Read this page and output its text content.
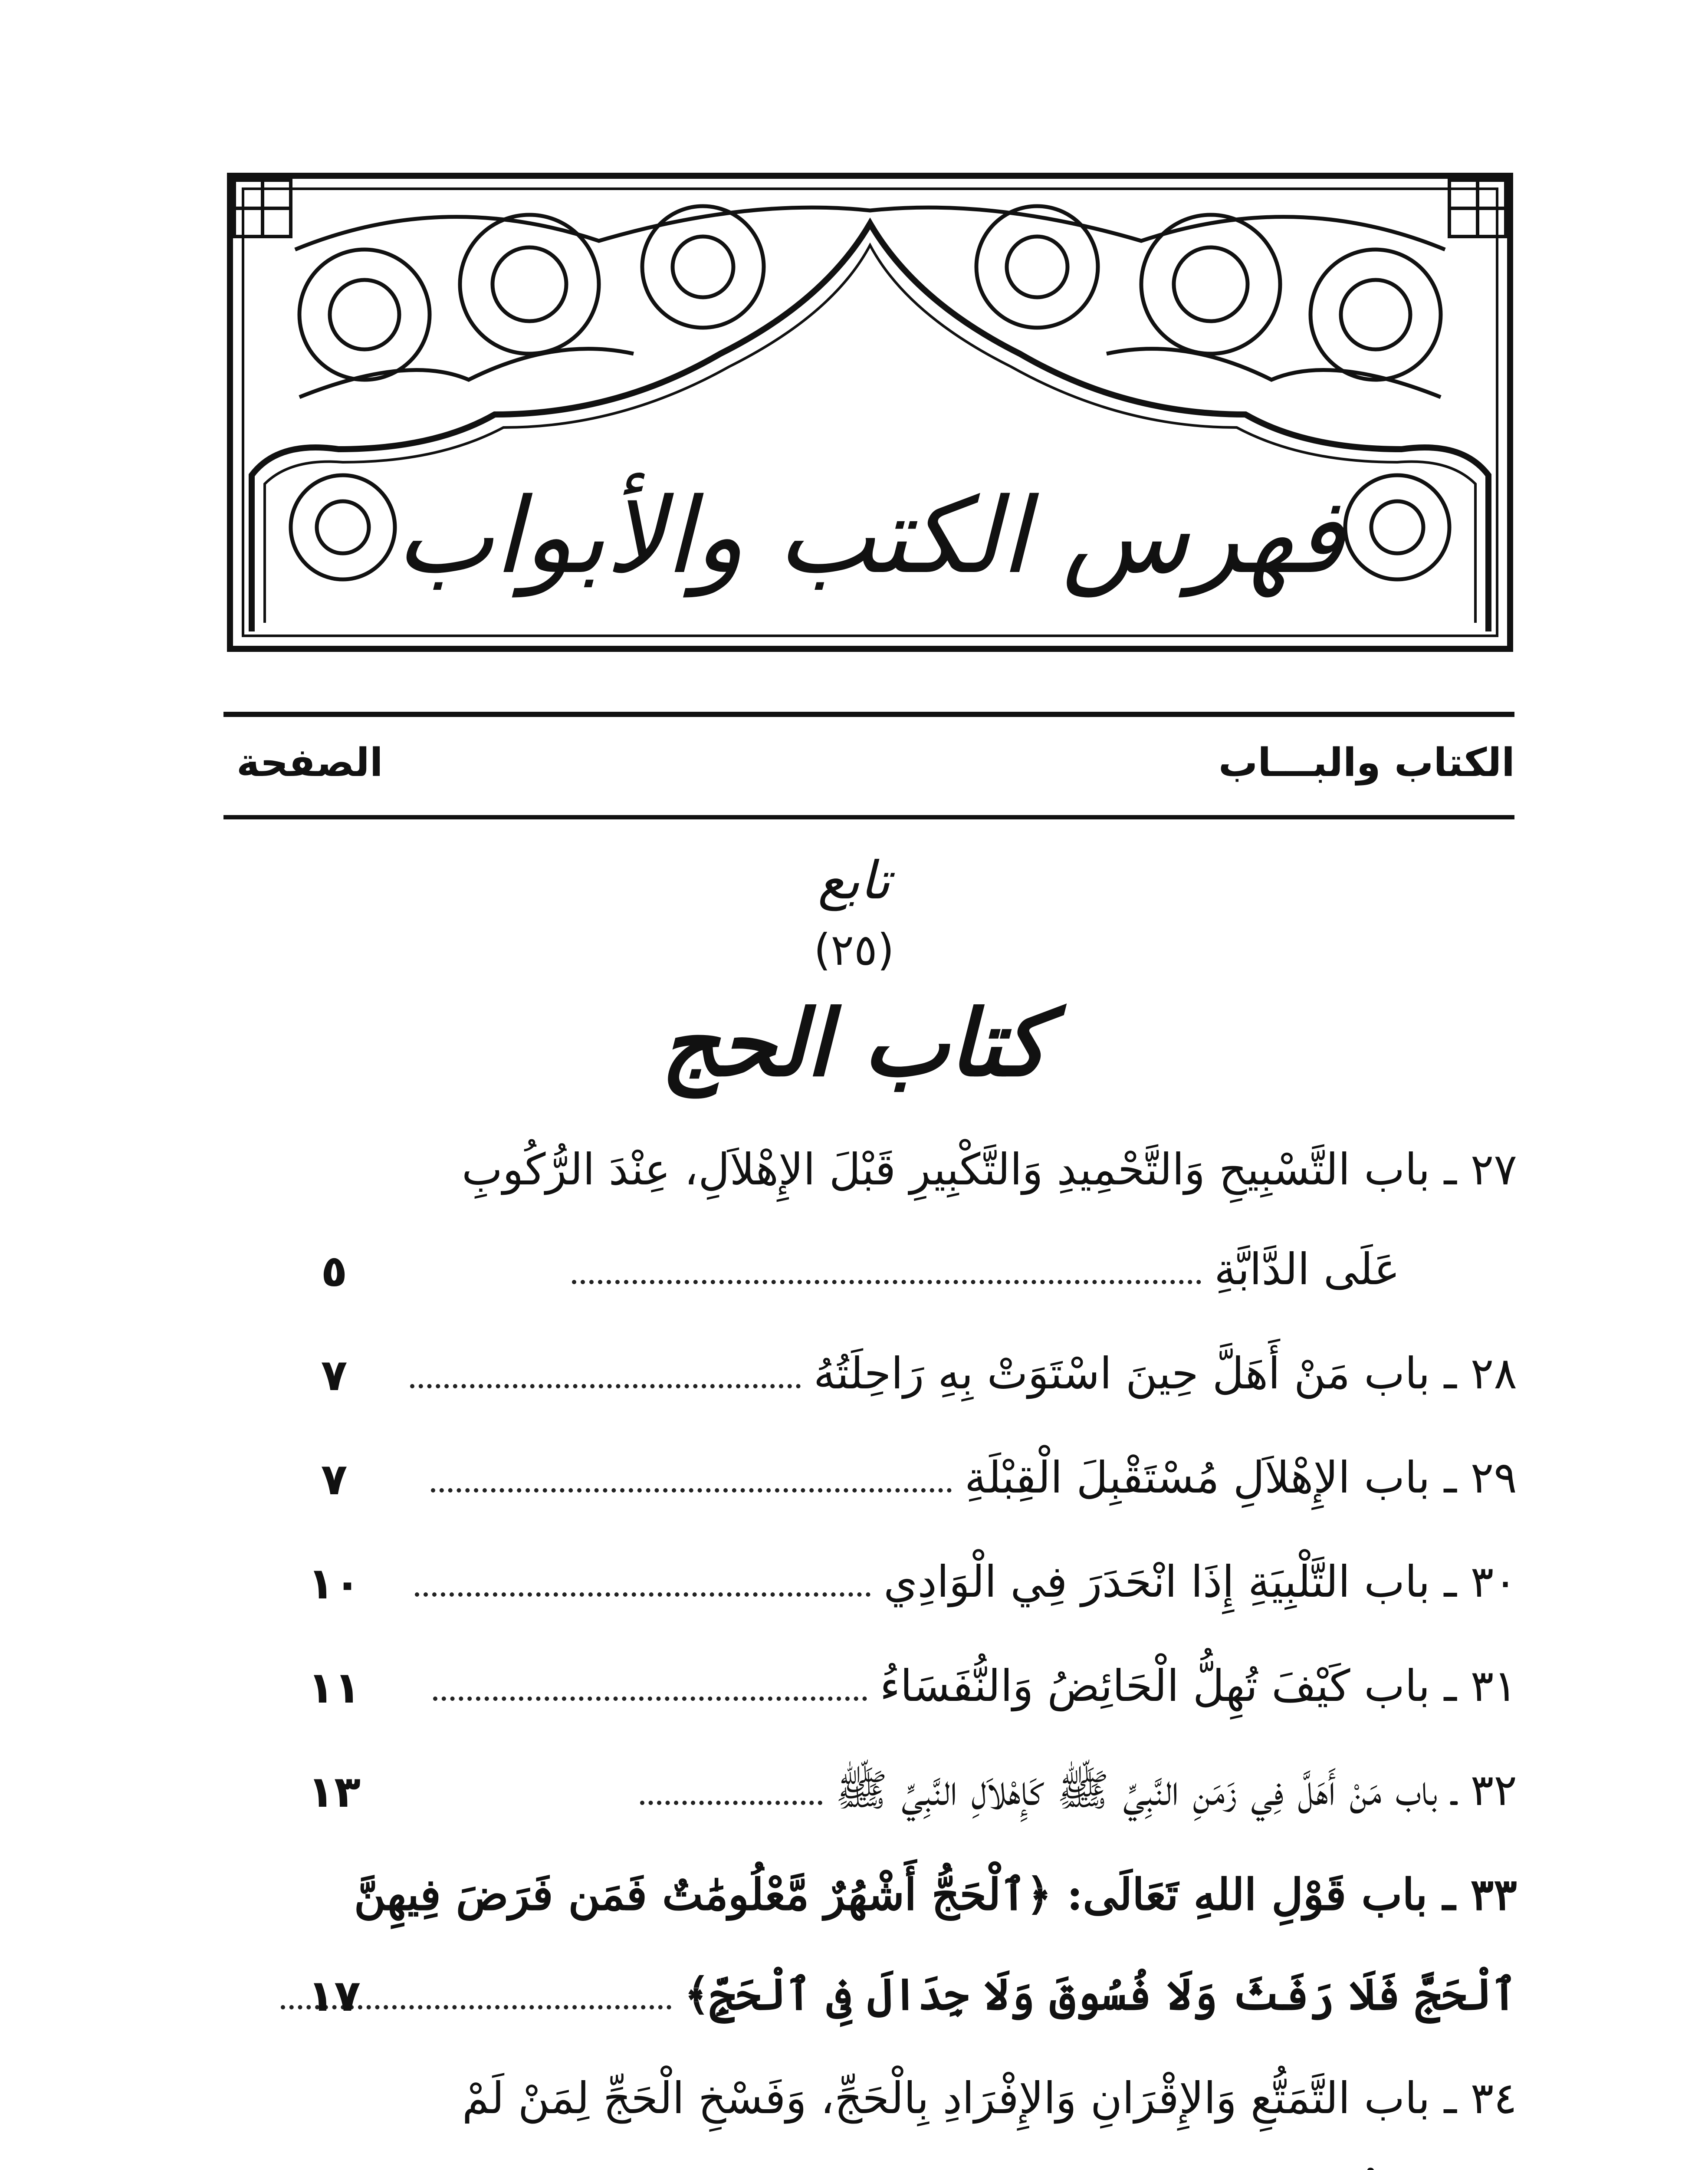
فهرس الكتب والأبواب
الكتاب والبـــاب
الصفحة
تابع
(٢٥)
كتاب الحج
٢٧ ـ باب التَّسْبِيحِ وَالتَّحْمِيدِ وَالتَّكْبِيرِ قَبْلَ الإِهْلاَلِ، عِنْدَ الرُّكُوبِ
عَلَى الدَّابَّةِ
٥
٢٨ ـ باب مَنْ أَهَلَّ حِينَ اسْتَوَتْ بِهِ رَاحِلَتُهُ
٧
٢٩ ـ باب الإِهْلاَلِ مُسْتَقْبِلَ الْقِبْلَةِ
٧
٣٠ ـ باب التَّلْبِيَةِ إِذَا انْحَدَرَ فِي الْوَادِي
١٠
٣١ ـ باب كَيْفَ تُهِلُّ الْحَائِضُ وَالنُّفَسَاءُ
١١
٣٢ ـ باب مَنْ أَهَلَّ فِي زَمَنِ النَّبِيِّ ﷺ كَإِهْلاَلِ النَّبِيِّ ﷺ
١٣
٣٣ ـ باب قَوْلِ اللهِ تَعَالَى: ﴿ٱلْحَجُّ أَشْهُرٌ مَّعْلُومَٰتٌ فَمَن فَرَضَ فِيهِنَّ
ٱلْحَجَّ فَلَا رَفَثَ وَلَا فُسُوقَ وَلَا جِدَالَ فِى ٱلْحَجِّ﴾
١٧
٣٤ ـ باب التَّمَتُّعِ وَالإِقْرَانِ وَالإِفْرَادِ بِالْحَجِّ، وَفَسْخِ الْحَجِّ لِمَنْ لَمْ
